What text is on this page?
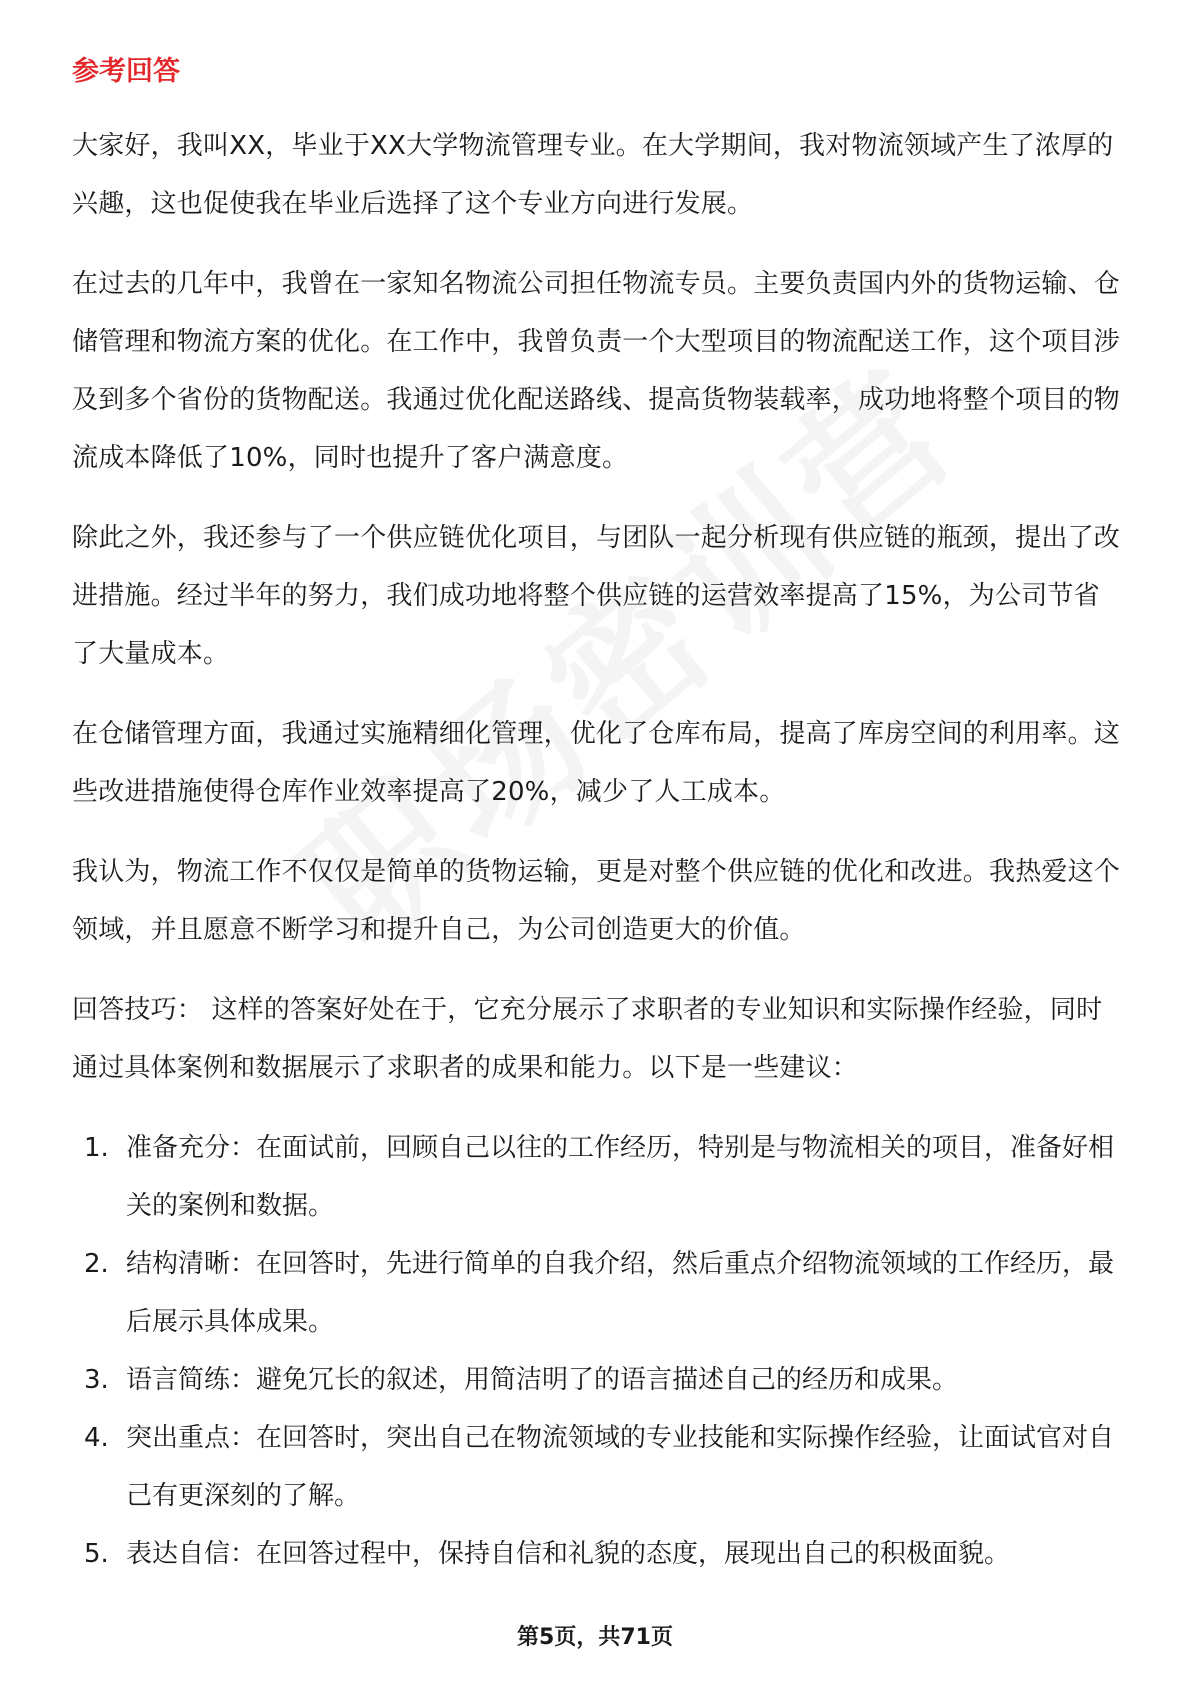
参考回答

大家好，我叫XX，毕业于XX大学物流管理专业。在大学期间，我对物流领域产生了浓厚的兴趣，这也促使我在毕业后选择了这个专业方向进行发展。

在过去的几年中，我曾在一家知名物流公司担任物流专员。主要负责国内外的货物运输、仓储管理和物流方案的优化。在工作中，我曾负责一个大型项目的物流配送工作，这个项目涉及到多个省份的货物配送。我通过优化配送路线、提高货物装载率，成功地将整个项目的物流成本降低了10%，同时也提升了客户满意度。

除此之外，我还参与了一个供应链优化项目，与团队一起分析现有供应链的瓶颈，提出了改进措施。经过半年的努力，我们成功地将整个供应链的运营效率提高了15%，为公司节省了大量成本。

在仓储管理方面，我通过实施精细化管理，优化了仓库布局，提高了库房空间的利用率。这些改进措施使得仓库作业效率提高了20%，减少了人工成本。

我认为，物流工作不仅仅是简单的货物运输，更是对整个供应链的优化和改进。我热爱这个领域，并且愿意不断学习和提升自己，为公司创造更大的价值。

回答技巧： 这样的答案好处在于，它充分展示了求职者的专业知识和实际操作经验，同时通过具体案例和数据展示了求职者的成果和能力。以下是一些建议：

1. 准备充分：在面试前，回顾自己以往的工作经历，特别是与物流相关的项目，准备好相关的案例和数据。
2. 结构清晰：在回答时，先进行简单的自我介绍，然后重点介绍物流领域的工作经历，最后展示具体成果。
3. 语言简练：避免冗长的叙述，用简洁明了的语言描述自己的经历和成果。
4. 突出重点：在回答时，突出自己在物流领域的专业技能和实际操作经验，让面试官对自己有更深刻的了解。
5. 表达自信：在回答过程中，保持自信和礼貌的态度，展现出自己的积极面貌。
第5页，共71页
